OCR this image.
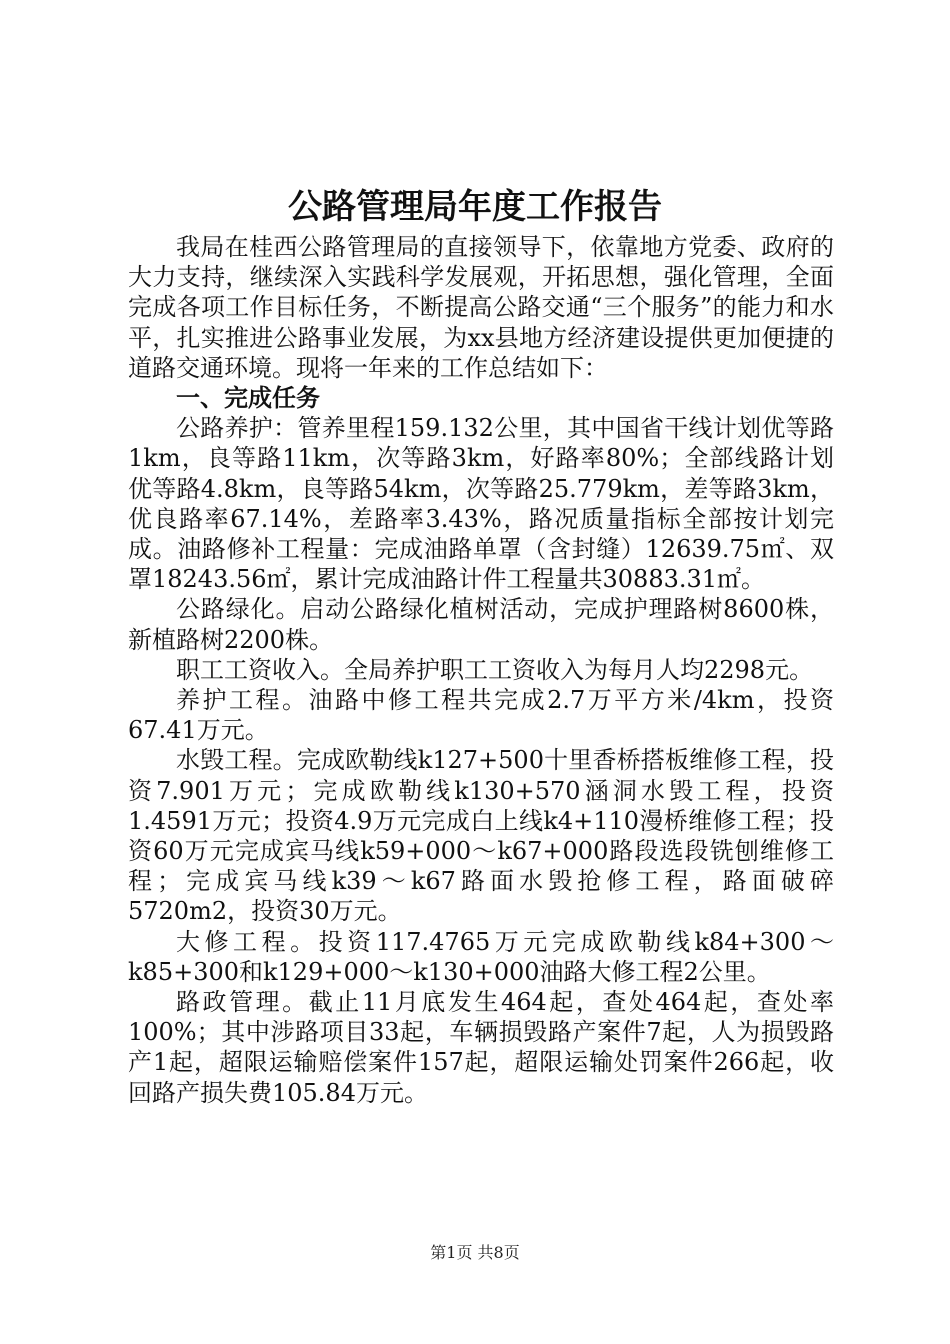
公路管理局年度工作报告

我局在桂西公路管理局的直接领导下，依靠地方党委、政府的大力支持，继续深入实践科学发展观，开拓思想，强化管理，全面完成各项工作目标任务，不断提高公路交通“三个服务”的能力和水平，扎实推进公路事业发展，为xx县地方经济建设提供更加便捷的道路交通环境。现将一年来的工作总结如下：

一、完成任务

公路养护：管养里程159.132公里，其中国省干线计划优等路1km，良等路11km，次等路3km，好路率80%；全部线路计划优等路4.8km，良等路54km，次等路25.779km，差等路3km，优良路率67.14%，差路率3.43%，路况质量指标全部按计划完成。油路修补工程量：完成油路单罩（含封缝）12639.75㎡、双罩18243.56㎡，累计完成油路计件工程量共30883.31㎡。

公路绿化。启动公路绿化植树活动，完成护理路树8600株，新植路树2200株。

职工工资收入。全局养护职工工资收入为每月人均2298元。

养护工程。油路中修工程共完成2.7万平方米/4km，投资67.41万元。

水毁工程。完成欧勒线k127+500十里香桥搭板维修工程，投资7.901万元；完成欧勒线k130+570涵洞水毁工程，投资1.4591万元；投资4.9万元完成白上线k4+110漫桥维修工程；投资60万元完成宾马线k59+000～k67+000路段选段铣刨维修工程；完成宾马线k39～k67路面水毁抢修工程，路面破碎5720m2，投资30万元。

大修工程。投资117.4765万元完成欧勒线k84+300～k85+300和k129+000～k130+000油路大修工程2公里。

路政管理。截止11月底发生464起，查处464起，查处率100%；其中涉路项目33起，车辆损毁路产案件7起，人为损毁路产1起，超限运输赔偿案件157起，超限运输处罚案件266起，收回路产损失费105.84万元。

第1页 共8页
